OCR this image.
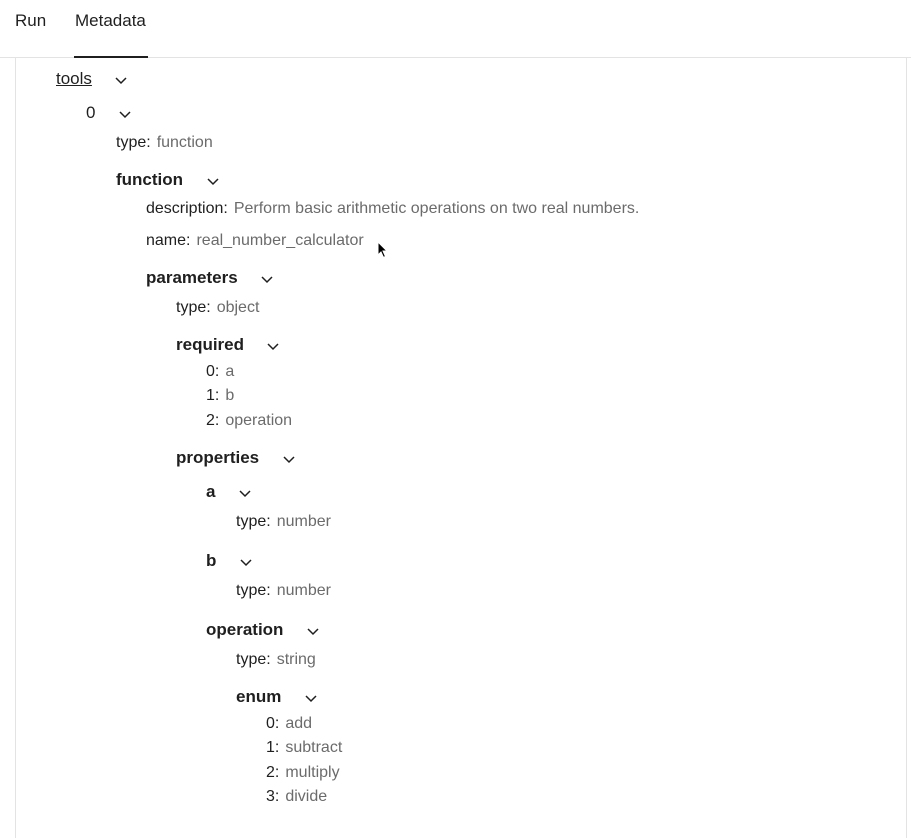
Run Metadata
tools
0
type: function
function
description: Perform basic arithmetic operations on two real numbers.
name: real_number_calculator
parameters
type: object
required
0: a
1: b
2: operation
properties
a
type: number
b
type: number
operation
type: string
enum
0: add
1: subtract
2: multiply
3: divide
